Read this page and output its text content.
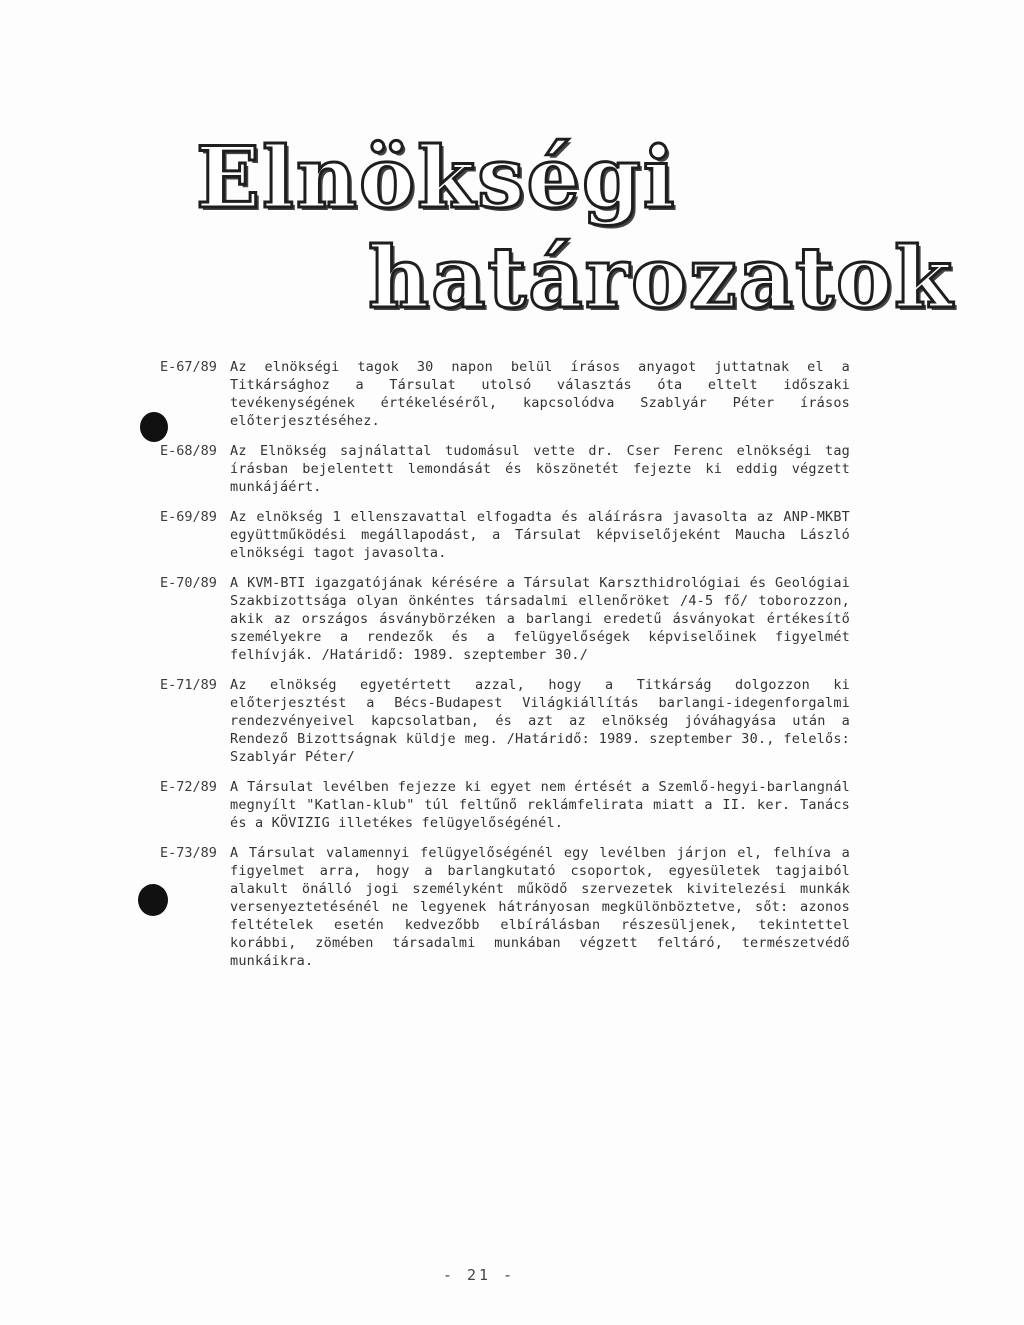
Elnökségi
határozatok
E-67/89 Az elnökségi tagok 30 napon belül írásos anyagot juttatnak el a Titkársághoz a Társulat utolsó választás óta eltelt időszaki tevékenységének értékeléséről, kapcsolódva Szablyár Péter írásos előterjesztéséhez.
E-68/89 Az Elnökség sajnálattal tudomásul vette dr. Cser Ferenc elnökségi tag írásban bejelentett lemondását és köszönetét fejezte ki eddig végzett munkájáért.
E-69/89 Az elnökség 1 ellenszavattal elfogadta és aláírásra javasolta az ANP-MKBT együttműködési megállapodást, a Társulat képviselőjeként Maucha László elnökségi tagot javasolta.
E-70/89 A KVM-BTI igazgatójának kérésére a Társulat Karszthidrológiai és Geológiai Szakbizottsága olyan önkéntes társadalmi ellenőröket /4-5 fő/ toborozzon, akik az országos ásványbörzéken a barlangi eredetű ásványokat értékesítő személyekre a rendezők és a felügyelőségek képviselőinek figyelmét felhívják. /Határidő: 1989. szeptember 30./
E-71/89 Az elnökség egyetértett azzal, hogy a Titkárság dolgozzon ki előterjesztést a Bécs-Budapest Világkiállítás barlangi-idegenforgalmi rendezvényeivel kapcsolatban, és azt az elnökség jóváhagyása után a Rendező Bizottságnak küldje meg. /Határidő: 1989. szeptember 30., felelős: Szablyár Péter/
E-72/89 A Társulat levélben fejezze ki egyet nem értését a Szemlő-hegyi-barlangnál megnyílt "Katlan-klub" túl feltűnő reklámfelirata miatt a II. ker. Tanács és a KÖVIZIG illetékes felügyelőségénél.
E-73/89 A Társulat valamennyi felügyelőségénél egy levélben járjon el, felhíva a figyelmet arra, hogy a barlangkutató csoportok, egyesületek tagjaiból alakult önálló jogi személyként működő szervezetek kivitelezési munkák versenyeztetésénél ne legyenek hátrányosan megkülönböztetve, sőt: azonos feltételek esetén kedvezőbb elbírálásban részesüljenek, tekintettel korábbi, zömében társadalmi munkában végzett feltáró, természetvédő munkáikra.
- 21 -
